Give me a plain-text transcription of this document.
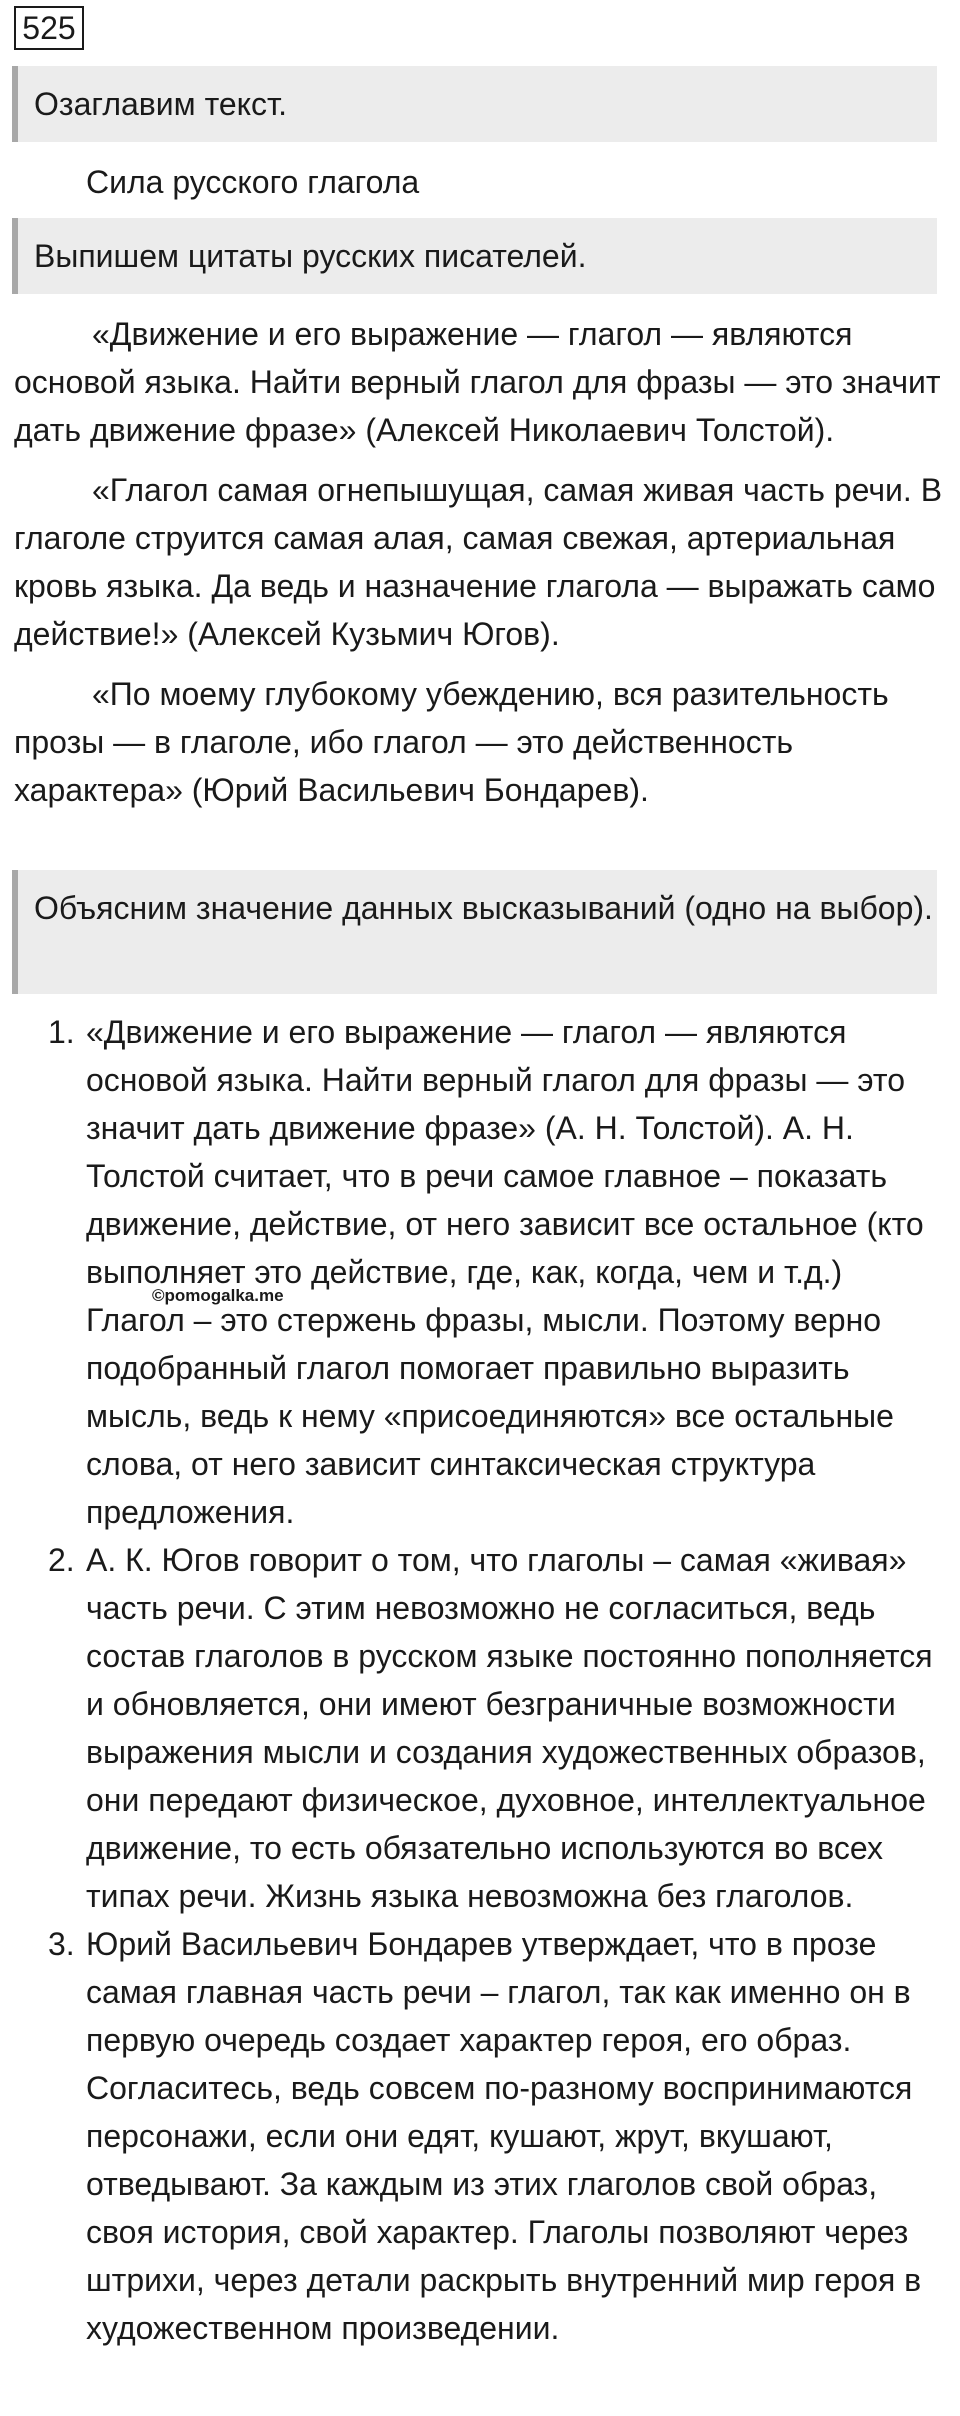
525
Озаглавим текст.
Сила русского глагола
Выпишем цитаты русских писателей.

«Движение и его выражение — глагол — являются основой языка. Найти верный глагол для фразы — это значит дать движение фразе» (Алексей Николаевич Толстой).

«Глагол самая огнепышущая, самая живая часть речи. В глаголе струится самая алая, самая свежая, артериальная кровь языка. Да ведь и назначение глагола — выражать само действие!» (Алексей Кузьмич Югов).

«По моему глубокому убеждению, вся разительность прозы — в глаголе, ибо глагол — это действенность характера» (Юрий Васильевич Бондарев).

Объясним значение данных высказываний (одно на выбор).
1. «Движение и его выражение — глагол — являются основой языка. Найти верный глагол для фразы — это значит дать движение фразе» (А. Н. Толстой). А. Н. Толстой считает, что в речи самое главное – показать движение, действие, от него зависит все остальное (кто выполняет это действие, где, как, когда, чем и т.д.) Глагол – это стержень фразы, мысли. Поэтому верно подобранный глагол помогает правильно выразить мысль, ведь к нему «присоединяются» все остальные слова, от него зависит синтаксическая структура предложения.
2. А. К. Югов говорит о том, что глаголы – самая «живая» часть речи. С этим невозможно не согласиться, ведь состав глаголов в русском языке постоянно пополняется и обновляется, они имеют безграничные возможности выражения мысли и создания художественных образов, они передают физическое, духовное, интеллектуальное движение, то есть обязательно используются во всех типах речи. Жизнь языка невозможна без глаголов.
3. Юрий Васильевич Бондарев утверждает, что в прозе самая главная часть речи – глагол, так как именно он в первую очередь создает характер героя, его образ. Согласитесь, ведь совсем по-разному воспринимаются персонажи, если они едят, кушают, жрут, вкушают, отведывают. За каждым из этих глаголов свой образ, своя история, свой характер. Глаголы позволяют через штрихи, через детали раскрыть внутренний мир героя в художественном произведении.
©pomogalka.me
